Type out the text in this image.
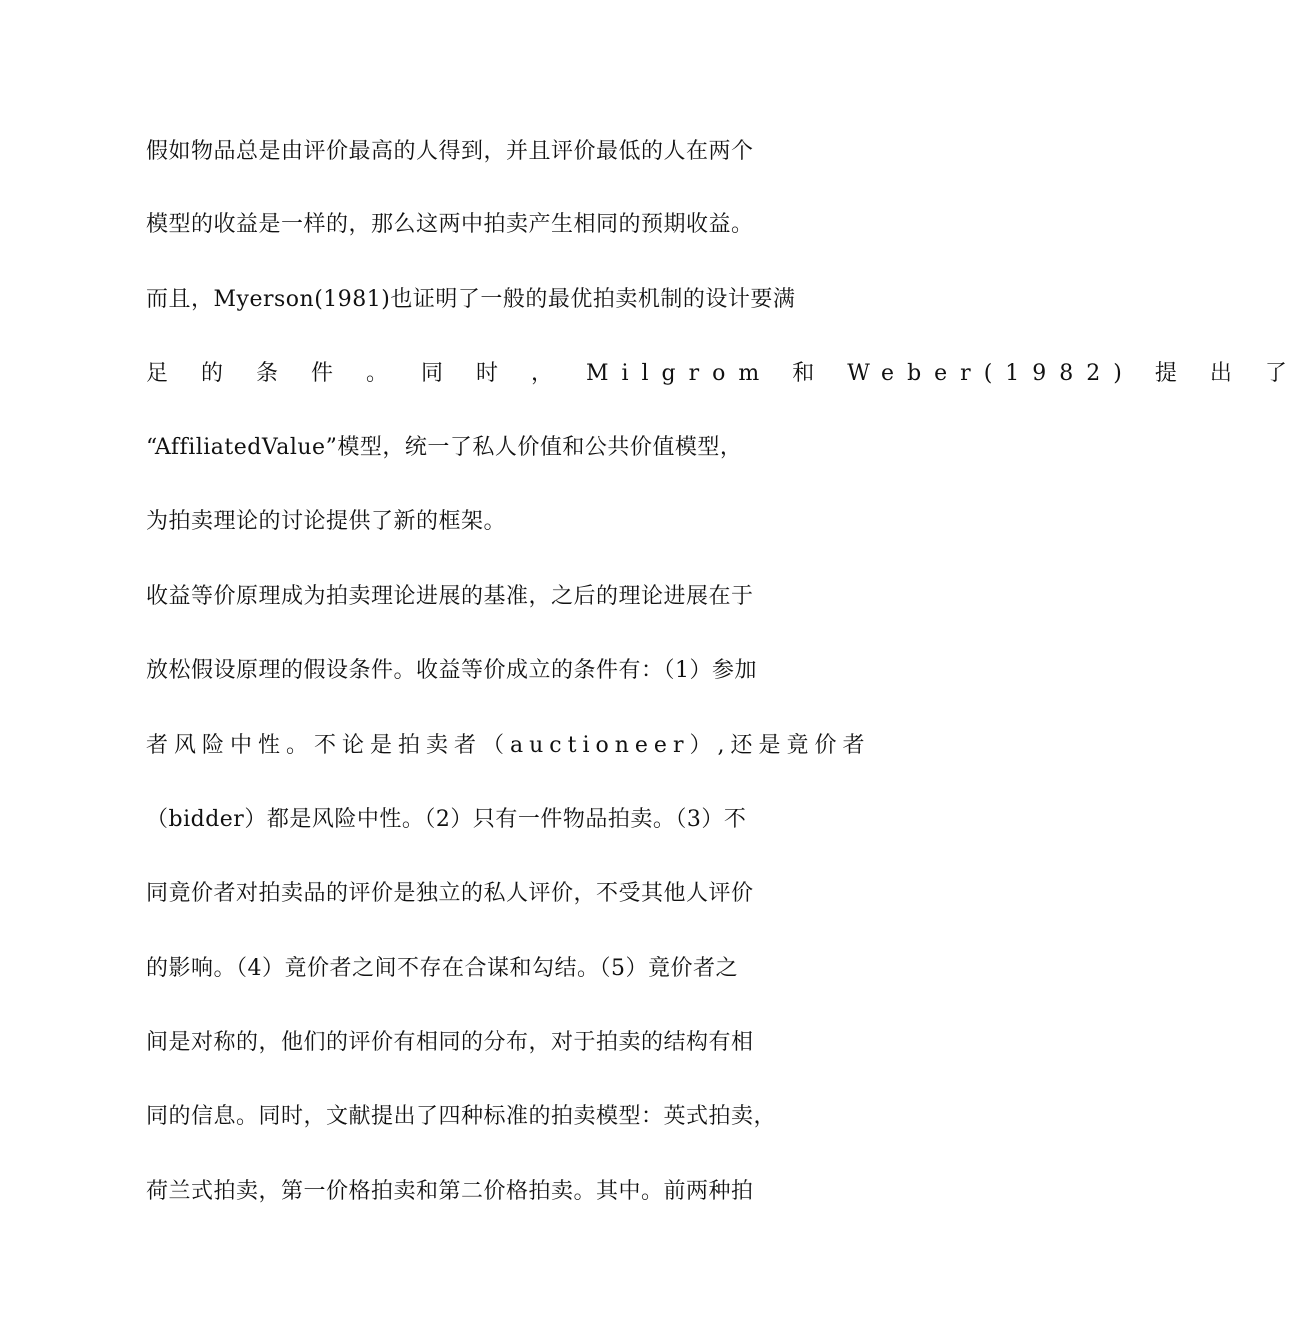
假如物品总是由评价最高的人得到，并且评价最低的人在两个
模型的收益是一样的，那么这两中拍卖产生相同的预期收益。
而且，Myerson(1981)也证明了一般的最优拍卖机制的设计要满
足 的 条 件 。 同 时 ， Milgrom 和 Weber(1982) 提 出 了
“AffiliatedValue”模型，统一了私人价值和公共价值模型，
为拍卖理论的讨论提供了新的框架。
收益等价原理成为拍卖理论进展的基准，之后的理论进展在于
放松假设原理的假设条件。收益等价成立的条件有：（1）参加
者风险中性。不论是拍卖者（auctioneer）,还是竟价者
（bidder）都是风险中性。（2）只有一件物品拍卖。（3）不
同竟价者对拍卖品的评价是独立的私人评价，不受其他人评价
的影响。（4）竟价者之间不存在合谋和勾结。（5）竟价者之
间是对称的，他们的评价有相同的分布，对于拍卖的结构有相
同的信息。同时，文献提出了四种标准的拍卖模型：英式拍卖，
荷兰式拍卖，第一价格拍卖和第二价格拍卖。其中。前两种拍
